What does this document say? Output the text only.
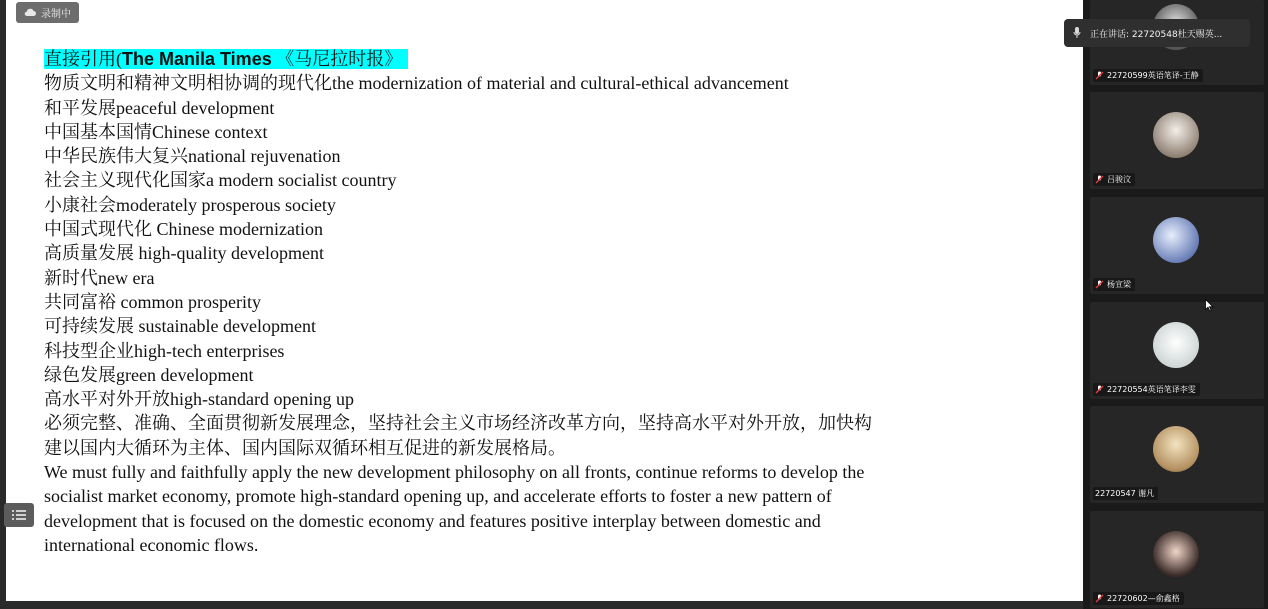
直接引用(The Manila Times 《马尼拉时报》
物质文明和精神文明相协调的现代化the modernization of material and cultural-ethical advancement
和平发展peaceful development
中国基本国情Chinese context
中华民族伟大复兴national rejuvenation
社会主义现代化国家a modern socialist country
小康社会moderately prosperous society
中国式现代化 Chinese modernization
高质量发展 high-quality development
新时代new era
共同富裕 common prosperity
可持续发展 sustainable development
科技型企业high-tech enterprises
绿色发展green development
高水平对外开放high-standard opening up
必须完整、准确、全面贯彻新发展理念，坚持社会主义市场经济改革方向，坚持高水平对外开放，加快构
建以国内大循环为主体、国内国际双循环相互促进的新发展格局。
We must fully and faithfully apply the new development philosophy on all fronts, continue reforms to develop the
socialist market economy, promote high-standard opening up, and accelerate efforts to foster a new pattern of
development that is focused on the domestic economy and features positive interplay between domestic and
international economic flows.
录制中
22720599英语笔译-王静
吕骏汶
杨宣梁
22720554英语笔译李雯
22720547 谢凡
22720602—俞鑫格
正在讲话: 22720548杜天赐英...
